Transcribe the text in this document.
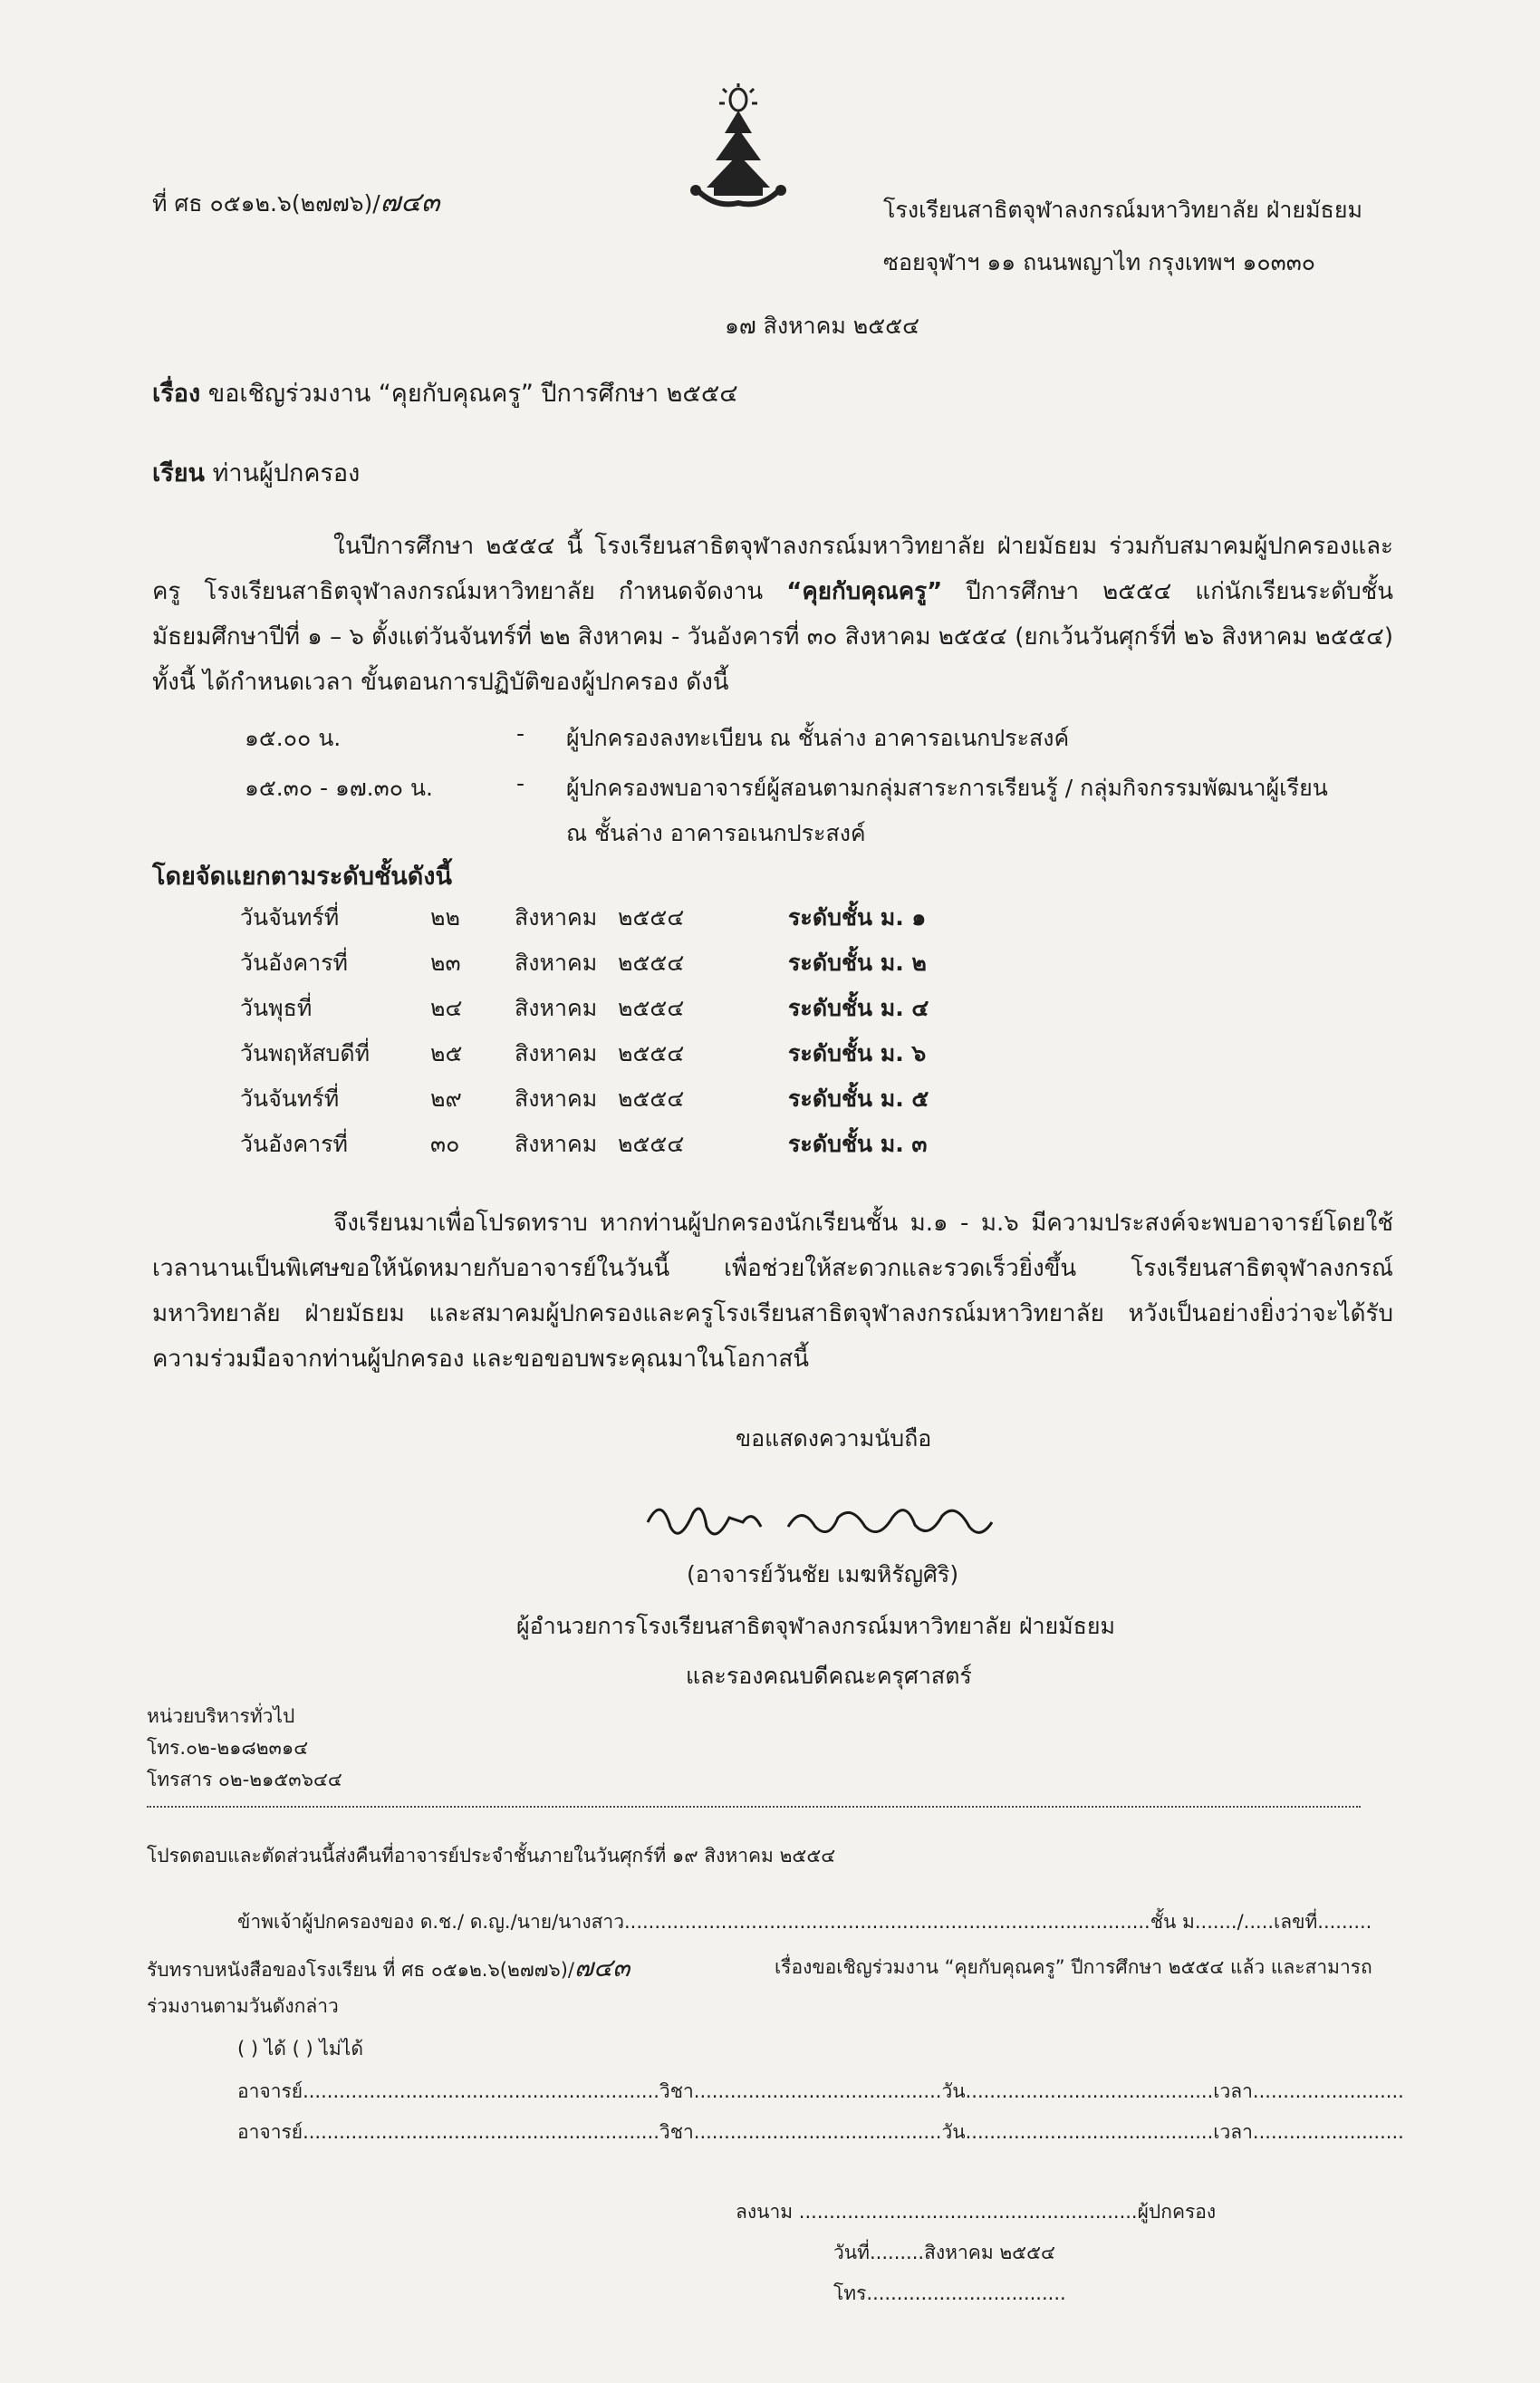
ที่ ศธ ๐๕๑๒.๖(๒๗๗๖)/๗๔๓	โรงเรียนสาธิตจุฬาลงกรณ์มหาวิทยาลัย ฝ่ายมัธยม
ซอยจุฬาฯ ๑๑ ถนนพญาไท กรุงเทพฯ ๑๐๓๓๐
๑๗ สิงหาคม ๒๕๕๔
เรื่อง ขอเชิญร่วมงาน “คุยกับคุณครู” ปีการศึกษา ๒๕๕๔
เรียน ท่านผู้ปกครอง
ในปีการศึกษา ๒๕๕๔ นี้ โรงเรียนสาธิตจุฬาลงกรณ์มหาวิทยาลัย ฝ่ายมัธยม ร่วมกับสมาคมผู้ปกครองและครู โรงเรียนสาธิตจุฬาลงกรณ์มหาวิทยาลัย กำหนดจัดงาน “คุยกับคุณครู” ปีการศึกษา ๒๕๕๔ แก่นักเรียนระดับชั้นมัธยมศึกษาปีที่ ๑ – ๖ ตั้งแต่วันจันทร์ที่ ๒๒ สิงหาคม - วันอังคารที่ ๓๐ สิงหาคม ๒๕๕๔ (ยกเว้นวันศุกร์ที่ ๒๖ สิงหาคม ๒๕๕๔) ทั้งนี้ ได้กำหนดเวลา ขั้นตอนการปฏิบัติของผู้ปกครอง ดังนี้
๑๕.๐๐ น.	- ผู้ปกครองลงทะเบียน ณ ชั้นล่าง อาคารอเนกประสงค์
๑๕.๓๐ - ๑๗.๓๐ น.	- ผู้ปกครองพบอาจารย์ผู้สอนตามกลุ่มสาระการเรียนรู้ / กลุ่มกิจกรรมพัฒนาผู้เรียน
ณ ชั้นล่าง อาคารอเนกประสงค์
โดยจัดแยกตามระดับชั้นดังนี้
วันจันทร์ที่	๒๒ สิงหาคม ๒๕๕๔	ระดับชั้น ม. ๑
วันอังคารที่	๒๓ สิงหาคม ๒๕๕๔	ระดับชั้น ม. ๒
วันพุธที่	๒๔ สิงหาคม ๒๕๕๔	ระดับชั้น ม. ๔
วันพฤหัสบดีที่	๒๕ สิงหาคม ๒๕๕๔	ระดับชั้น ม. ๖
วันจันทร์ที่	๒๙ สิงหาคม ๒๕๕๔	ระดับชั้น ม. ๕
วันอังคารที่	๓๐ สิงหาคม ๒๕๕๔	ระดับชั้น ม. ๓
จึงเรียนมาเพื่อโปรดทราบ หากท่านผู้ปกครองนักเรียนชั้น ม.๑ - ม.๖ มีความประสงค์จะพบอาจารย์โดยใช้เวลานานเป็นพิเศษขอให้นัดหมายกับอาจารย์ในวันนี้ เพื่อช่วยให้สะดวกและรวดเร็วยิ่งขึ้น โรงเรียนสาธิตจุฬาลงกรณ์มหาวิทยาลัย ฝ่ายมัธยม และสมาคมผู้ปกครองและครูโรงเรียนสาธิตจุฬาลงกรณ์มหาวิทยาลัย หวังเป็นอย่างยิ่งว่าจะได้รับความร่วมมือจากท่านผู้ปกครอง และขอขอบพระคุณมาในโอกาสนี้
ขอแสดงความนับถือ
(อาจารย์วันชัย เมฆหิรัญศิริ)
ผู้อำนวยการโรงเรียนสาธิตจุฬาลงกรณ์มหาวิทยาลัย ฝ่ายมัธยม
และรองคณบดีคณะครุศาสตร์
หน่วยบริหารทั่วไป
โทร.๐๒-๒๑๘๒๓๑๔
โทรสาร ๐๒-๒๑๕๓๖๔๔
โปรดตอบและตัดส่วนนี้ส่งคืนที่อาจารย์ประจำชั้นภายในวันศุกร์ที่ ๑๙ สิงหาคม ๒๕๕๔
ข้าพเจ้าผู้ปกครองของ ด.ช./ ด.ญ./นาย/นางสาว.......................................................................................ชั้น ม......./.....เลขที่.........
รับทราบหนังสือของโรงเรียน ที่ ศธ ๐๕๑๒.๖(๒๗๗๖)/๗๔๓	เรื่องขอเชิญร่วมงาน “คุยกับคุณครู” ปีการศึกษา ๒๕๕๔ แล้ว และสามารถ
ร่วมงานตามวันดังกล่าว
( ) ได้ ( ) ไม่ได้
อาจารย์...........................................................วิชา.........................................วัน.........................................เวลา.........................
อาจารย์...........................................................วิชา.........................................วัน.........................................เวลา.........................
ลงนาม ........................................................ผู้ปกครอง
วันที่.........สิงหาคม ๒๕๕๔
โทร.................................
